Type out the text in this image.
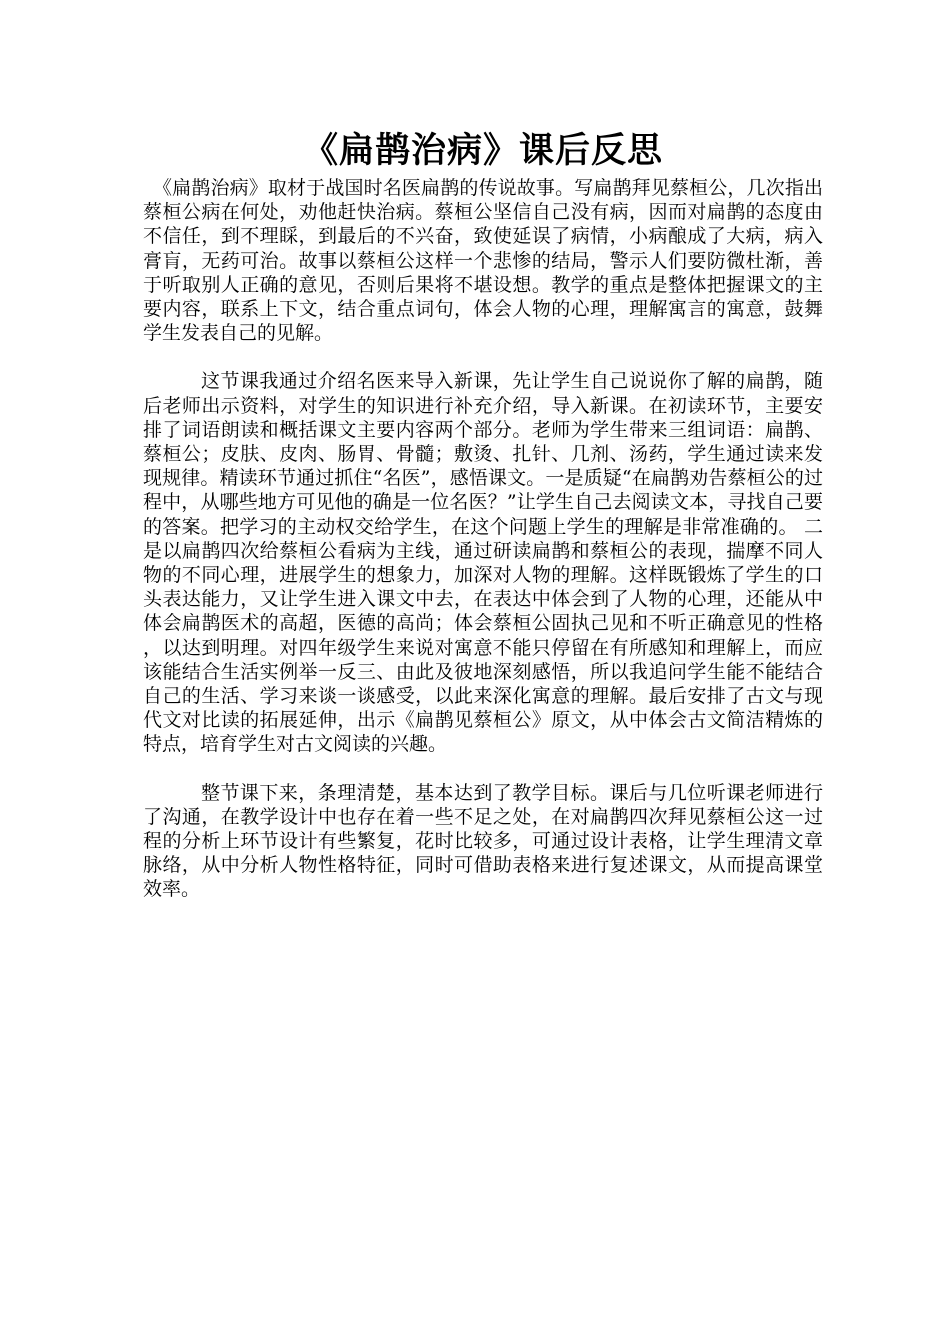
《扁鹊治病》课后反思

《扁鹊治病》取材于战国时名医扁鹊的传说故事。写扁鹊拜见蔡桓公，几次指出蔡桓公病在何处，劝他赶快治病。蔡桓公坚信自己没有病，因而对扁鹊的态度由不信任，到不理睬，到最后的不兴奋，致使延误了病情，小病酿成了大病，病入膏肓，无药可治。故事以蔡桓公这样一个悲惨的结局，警示人们要防微杜渐，善于听取别人正确的意见，否则后果将不堪设想。教学的重点是整体把握课文的主要内容，联系上下文，结合重点词句，体会人物的心理，理解寓言的寓意，鼓舞学生发表自己的见解。

这节课我通过介绍名医来导入新课，先让学生自己说说你了解的扁鹊，随后老师出示资料，对学生的知识进行补充介绍，导入新课。在初读环节，主要安排了词语朗读和概括课文主要内容两个部分。老师为学生带来三组词语：扁鹊、蔡桓公；皮肤、皮肉、肠胃、骨髓；敷烫、扎针、几剂、汤药，学生通过读来发现规律。精读环节通过抓住“名医”，感悟课文。一是质疑“在扁鹊劝告蔡桓公的过程中，从哪些地方可见他的确是一位名医？”让学生自己去阅读文本，寻找自己要的答案。把学习的主动权交给学生，在这个问题上学生的理解是非常准确的。 二是以扁鹊四次给蔡桓公看病为主线，通过研读扁鹊和蔡桓公的表现，揣摩不同人物的不同心理，进展学生的想象力，加深对人物的理解。这样既锻炼了学生的口头表达能力，又让学生进入课文中去，在表达中体会到了人物的心理，还能从中体会扁鹊医术的高超，医德的高尚；体会蔡桓公固执己见和不听正确意见的性格，以达到明理。对四年级学生来说对寓意不能只停留在有所感知和理解上，而应该能结合生活实例举一反三、由此及彼地深刻感悟，所以我追问学生能不能结合自己的生活、学习来谈一谈感受，以此来深化寓意的理解。最后安排了古文与现代文对比读的拓展延伸，出示《扁鹊见蔡桓公》原文，从中体会古文简洁精炼的特点，培育学生对古文阅读的兴趣。

整节课下来，条理清楚，基本达到了教学目标。课后与几位听课老师进行了沟通，在教学设计中也存在着一些不足之处，在对扁鹊四次拜见蔡桓公这一过程的分析上环节设计有些繁复，花时比较多，可通过设计表格，让学生理清文章脉络，从中分析人物性格特征，同时可借助表格来进行复述课文，从而提高课堂效率。
